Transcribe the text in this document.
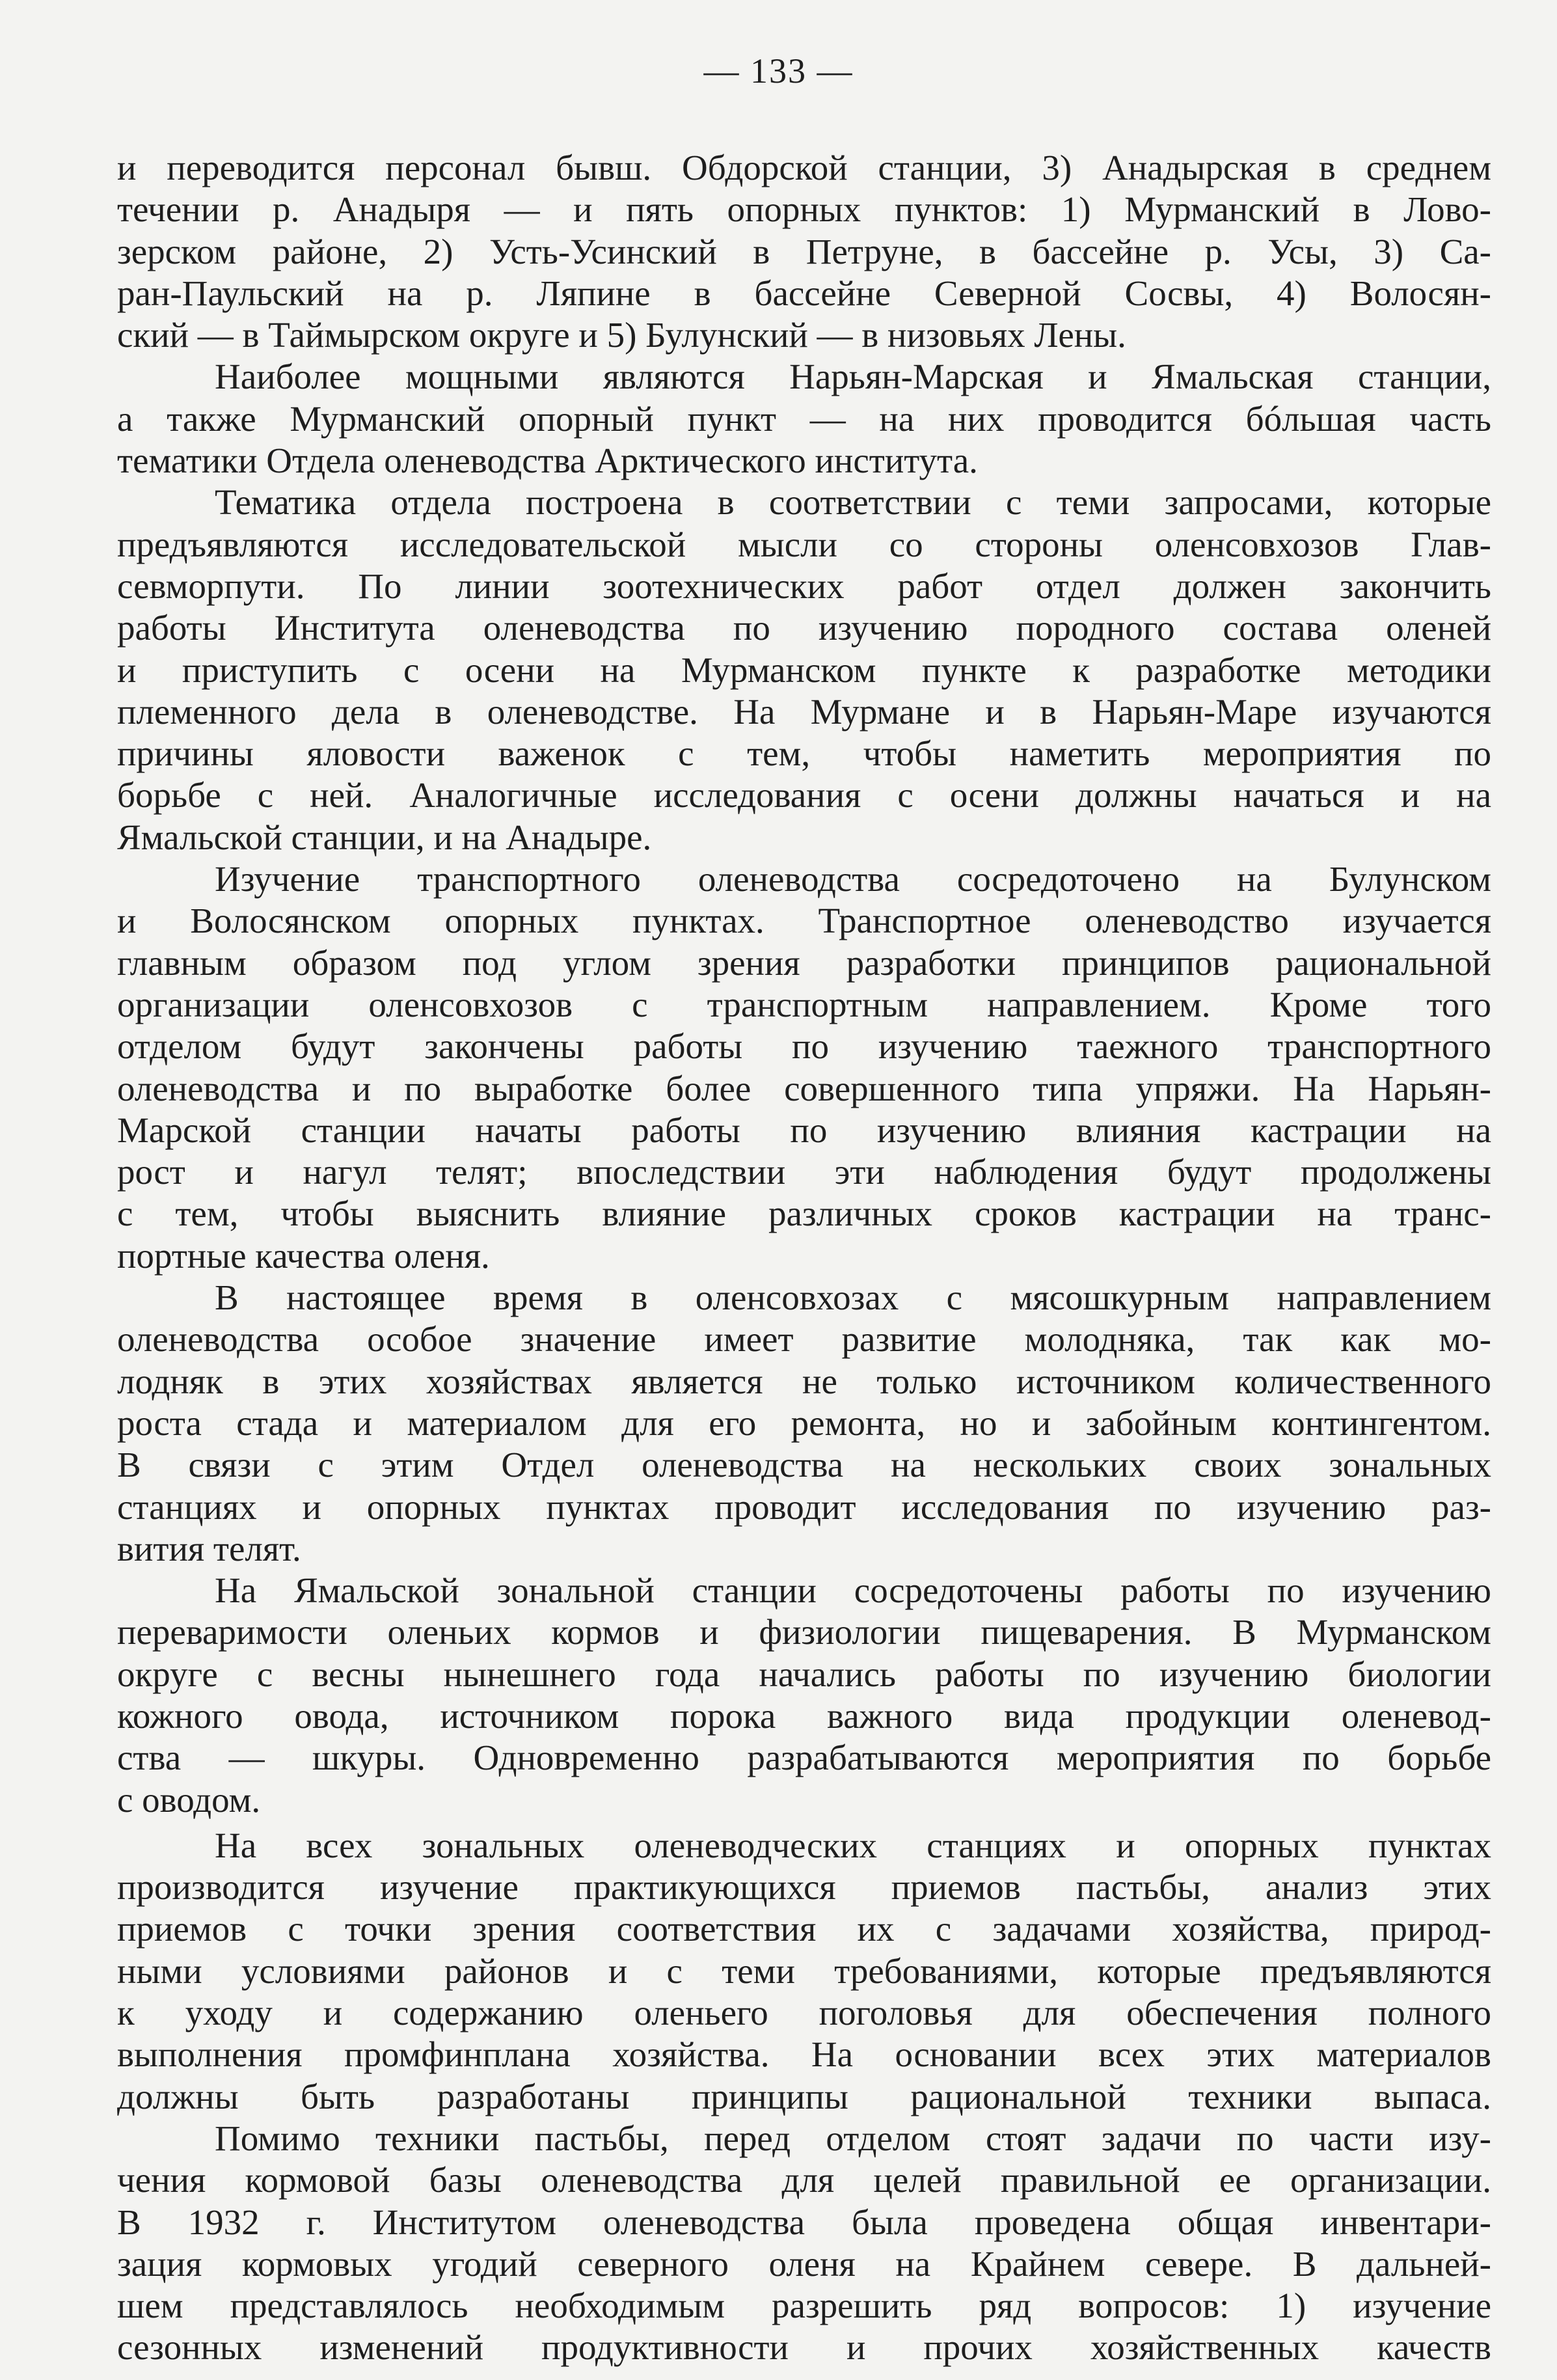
— 133 —
и переводится персонал бывш. Обдорской станции, 3) Анадырская в среднем
течении р. Анадыря — и пять опорных пунктов: 1) Мурманский в Лово-
зерском районе, 2) Усть-Усинский в Петруне, в бассейне р. Усы, 3) Са-
ран-Паульский на р. Ляпине в бассейне Северной Сосвы, 4) Волосян-
ский — в Таймырском округе и 5) Булунский — в низовьях Лены.
Наиболее мощными являются Нарьян-Марская и Ямальская станции,
а также Мурманский опорный пункт — на них проводится бóльшая часть
тематики Отдела оленеводства Арктического института.
Тематика отдела построена в соответствии с теми запросами, которые
предъявляются исследовательской мысли со стороны оленсовхозов Глав-
севморпути. По линии зоотехнических работ отдел должен закончить
работы Института оленеводства по изучению породного состава оленей
и приступить с осени на Мурманском пункте к разработке методики
племенного дела в оленеводстве. На Мурмане и в Нарьян-Маре изучаются
причины яловости важенок с тем, чтобы наметить мероприятия по
борьбе с ней. Аналогичные исследования с осени должны начаться и на
Ямальской станции, и на Анадыре.
Изучение транспортного оленеводства сосредоточено на Булунском
и Волосянском опорных пунктах. Транспортное оленеводство изучается
главным образом под углом зрения разработки принципов рациональной
организации оленсовхозов с транспортным направлением. Кроме того
отделом будут закончены работы по изучению таежного транспортного
оленеводства и по выработке более совершенного типа упряжи. На Нарьян-
Марской станции начаты работы по изучению влияния кастрации на
рост и нагул телят; впоследствии эти наблюдения будут продолжены
с тем, чтобы выяснить влияние различных сроков кастрации на транс-
портные качества оленя.
В настоящее время в оленсовхозах с мясошкурным направлением
оленеводства особое значение имеет развитие молодняка, так как мо-
лодняк в этих хозяйствах является не только источником количественного
роста стада и материалом для его ремонта, но и забойным контингентом.
В связи с этим Отдел оленеводства на нескольких своих зональных
станциях и опорных пунктах проводит исследования по изучению раз-
вития телят.
На Ямальской зональной станции сосредоточены работы по изучению
переваримости оленьих кормов и физиологии пищеварения. В Мурманском
округе с весны нынешнего года начались работы по изучению биологии
кожного овода, источником порока важного вида продукции оленевод-
ства — шкуры. Одновременно разрабатываются мероприятия по борьбе
с оводом.
На всех зональных оленеводческих станциях и опорных пунктах
производится изучение практикующихся приемов пастьбы, анализ этих
приемов с точки зрения соответствия их с задачами хозяйства, природ-
ными условиями районов и с теми требованиями, которые предъявляются
к уходу и содержанию оленьего поголовья для обеспечения полного
выполнения промфинплана хозяйства. На основании всех этих материалов
должны быть разработаны принципы рациональной техники выпаса.
Помимо техники пастьбы, перед отделом стоят задачи по части изу-
чения кормовой базы оленеводства для целей правильной ее организации.
В 1932 г. Институтом оленеводства была проведена общая инвентари-
зация кормовых угодий северного оленя на Крайнем севере. В дальней-
шем представлялось необходимым разрешить ряд вопросов: 1) изучение
сезонных изменений продуктивности и прочих хозяйственных качеств
